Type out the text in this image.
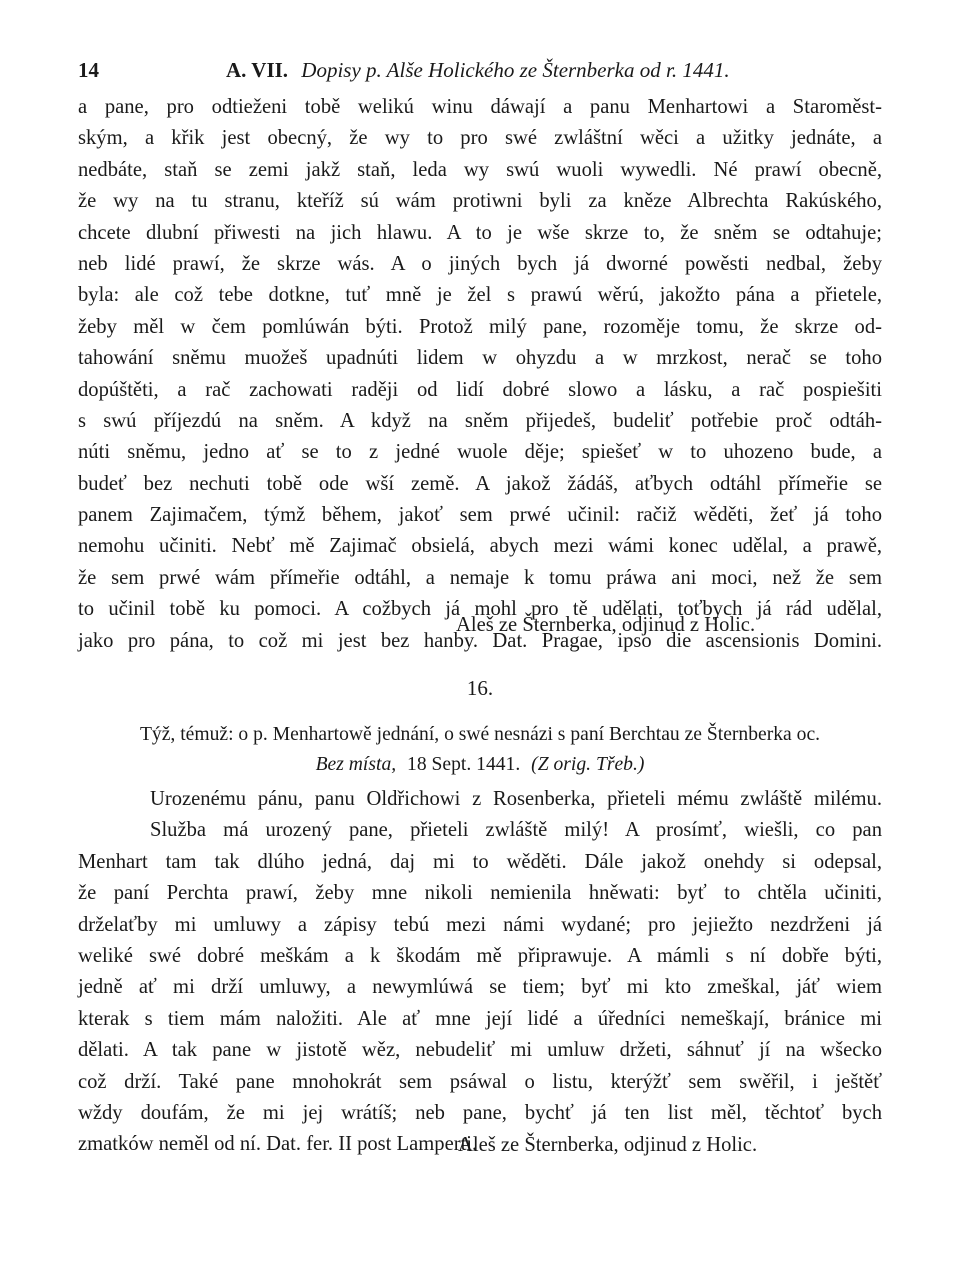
14	A. VII. Dopisy p. Alše Holického ze Šternberka od r. 1441.
a pane, pro odtieženi tobě welikú winu dáwají a panu Menhartowi a Staroměst-
ským, a křik jest obecný, že wy to pro swé zwláštní wěci a užitky jednáte, a
nedbáte, staň se zemi jakž staň, leda wy swú wuoli wywedli. Né prawí obecně,
že wy na tu stranu, kteříž sú wám protiwni byli za kněze Albrechta Rakúského,
chcete dlubní přiwesti na jich hlawu. A to je wše skrze to, že sněm se odtahuje;
neb lidé prawí, že skrze wás. A o jiných bych já dworné powěsti nedbal, žeby
byla: ale což tebe dotkne, tuť mně je žel s prawú wěrú, jakožto pána a přietele,
žeby měl w čem pomlúwán býti. Protož milý pane, rozoměje tomu, že skrze od-
tahowání sněmu muožeš upadnúti lidem w ohyzdu a w mrzkost, nerač se toho
dopúštěti, a rač zachowati raději od lidí dobré slowo a lásku, a rač pospiešiti
s swú příjezdú na sněm. A když na sněm přijedeš, budeliť potřebie proč odtáh-
núti sněmu, jedno ať se to z jedné wuole děje; spiešeť w to uhozeno bude, a
budeť bez nechuti tobě ode wší země. A jakož žádáš, aťbych odtáhl přímeřie se
panem Zajimačem, týmž během, jakoť sem prwé učinil: račiž wěděti, žeť já toho
nemohu učiniti. Nebť mě Zajimač obsielá, abych mezi wámi konec udělal, a prawě,
že sem prwé wám přímeřie odtáhl, a nemaje k tomu práwa ani moci, než že sem
to učinil tobě ku pomoci. A cožbych já mohl pro tě udělati, toťbych já rád udělal,
jako pro pána, to což mi jest bez hanby. Dat. Pragae, ipso die ascensionis Domini.
Aleš ze Šternberka, odjinud z Holic.
16.
Týž, témuž: o p. Menhartowě jednání, o swé nesnázi s paní Berchtau ze Šternberka oc.
Bez místa, 18 Sept. 1441. (Z orig. Třeb.)
Urozenému pánu, panu Oldřichowi z Rosenberka, přieteli mému zwláště milému.
Služba má urozený pane, přieteli zwláště milý! A prosímť, wiešli, co pan
Menhart tam tak dlúho jedná, daj mi to wěděti. Dále jakož onehdy si odepsal,
že paní Perchta prawí, žeby mne nikoli nemienila hněwati: byť to chtěla učiniti,
drželaťby mi umluwy a zápisy tebú mezi námi wydané; pro jejiežto nezdrženi já
weliké swé dobré meškám a k škodám mě připrawuje. A mámli s ní dobře býti,
jedně ať mi drží umluwy, a newymlúwá se tiem; byť mi kto zmeškal, jáť wiem
kterak s tiem mám naložiti. Ale ať mne její lidé a úředníci nemeškají, bránice mi
dělati. A tak pane w jistotě wěz, nebudeliť mi umluw držeti, sáhnuť jí na wšecko
což drží. Také pane mnohokrát sem psáwal o listu, kterýžť sem swěřil, i ještěť
wždy doufám, že mi jej wrátíš; neb pane, bychť já ten list měl, těchtoť bych
zmatków neměl od ní. Dat. fer. II post Lamperti.
Aleš ze Šternberka, odjinud z Holic.
